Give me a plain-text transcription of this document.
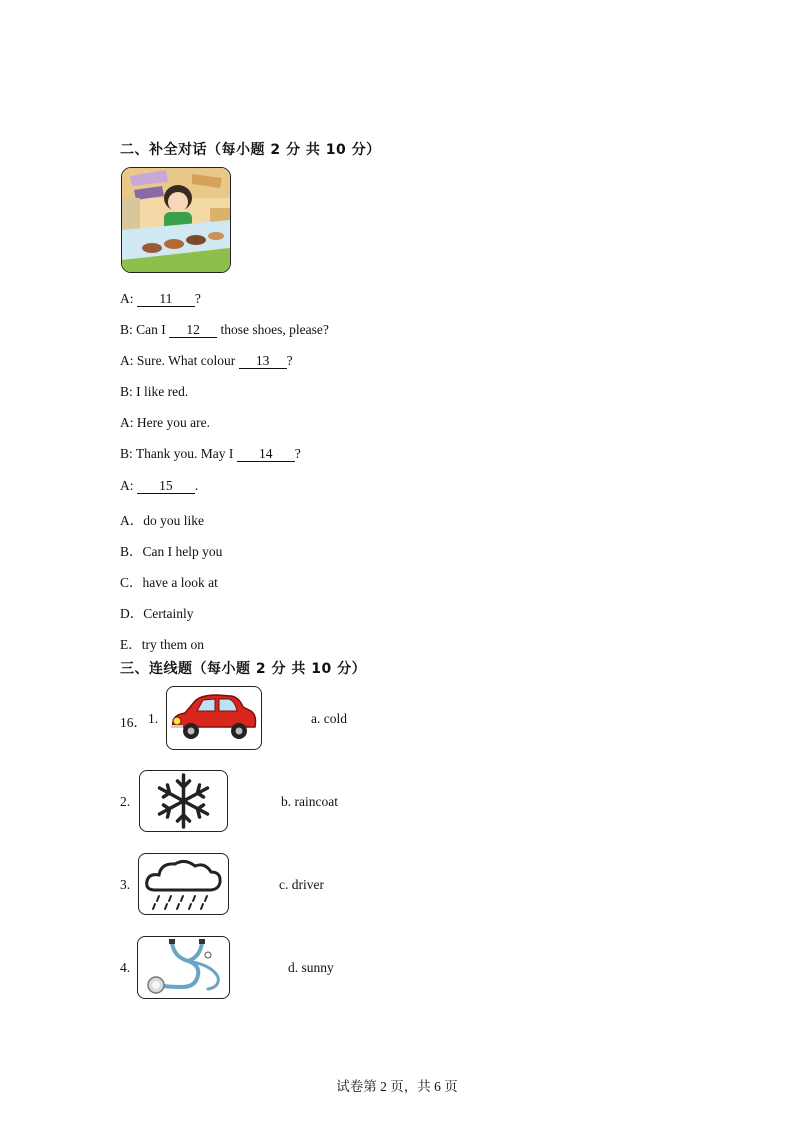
二、补全对话（每小题 2 分 共 10 分）
A: 11 ?
B: Can I 12 those shoes, please?
A: Sure. What colour 13 ?
B: I like red.
A: Here you are.
B: Thank you. May I 14 ?
A: 15 .
A．do you like
B．Can I help you
C．have a look at
D．Certainly
E．try them on
三、连线题（每小题 2 分 共 10 分）
16． 1.	a. cold
2.	b. raincoat
3.	c. driver
4.	d. sunny
试卷第 2 页，共 6 页
